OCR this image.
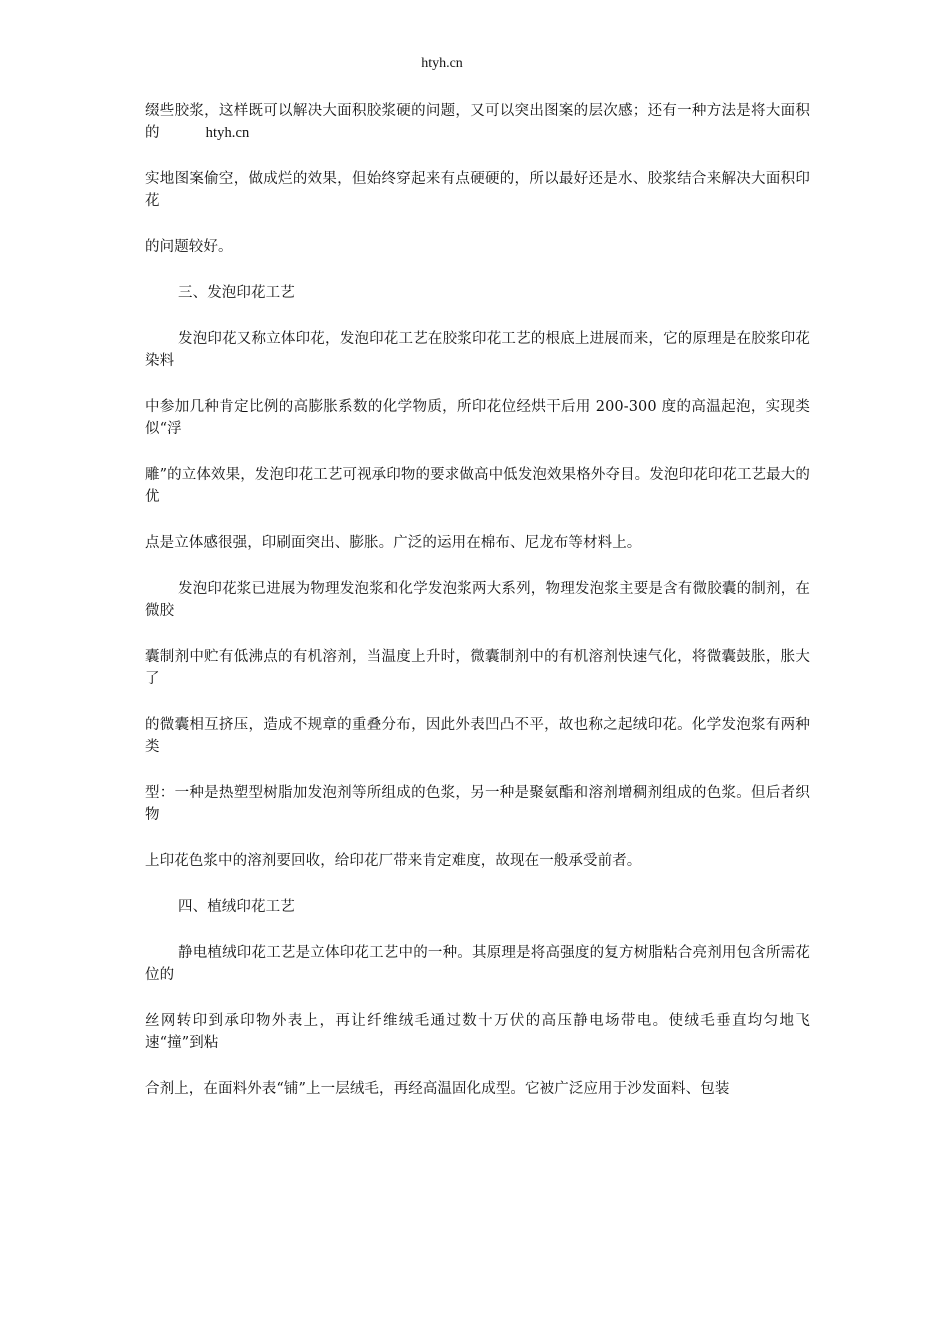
htyh.cn

缀些胶浆，这样既可以解决大面积胶浆硬的问题，又可以突出图案的层次感；还有一种方法是将大面积的	htyh.cn

实地图案偷空，做成烂的效果，但始终穿起来有点硬硬的，所以最好还是水、胶浆结合来解决大面积印花

的问题较好。

三、发泡印花工艺

发泡印花又称立体印花，发泡印花工艺在胶浆印花工艺的根底上进展而来，它的原理是在胶浆印花染料

中参加几种肯定比例的高膨胀系数的化学物质，所印花位经烘干后用 200-300 度的高温起泡，实现类似“浮

雕”的立体效果，发泡印花工艺可视承印物的要求做高中低发泡效果格外夺目。发泡印花印花工艺最大的优

点是立体感很强，印刷面突出、膨胀。广泛的运用在棉布、尼龙布等材料上。

发泡印花浆已进展为物理发泡浆和化学发泡浆两大系列，物理发泡浆主要是含有微胶囊的制剂，在微胶

囊制剂中贮有低沸点的有机溶剂，当温度上升时，微囊制剂中的有机溶剂快速气化，将微囊鼓胀，胀大了

的微囊相互挤压，造成不规章的重叠分布，因此外表凹凸不平，故也称之起绒印花。化学发泡浆有两种类

型：一种是热塑型树脂加发泡剂等所组成的色浆，另一种是聚氨酯和溶剂增稠剂组成的色浆。但后者织物

上印花色浆中的溶剂要回收，给印花厂带来肯定难度，故现在一般承受前者。

四、植绒印花工艺

静电植绒印花工艺是立体印花工艺中的一种。其原理是将高强度的复方树脂粘合亮剂用包含所需花位的

丝网转印到承印物外表上，再让纤维绒毛通过数十万伏的高压静电场带电。使绒毛垂直均匀地飞速“撞”到粘

合剂上，在面料外表“铺”上一层绒毛，再经高温固化成型。它被广泛应用于沙发面料、包装
